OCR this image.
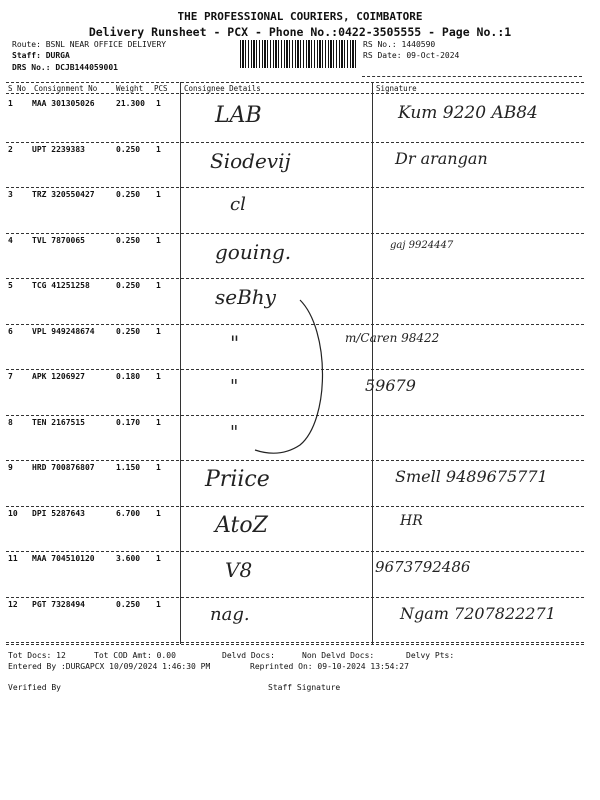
THE PROFESSIONAL COURIERS, COIMBATORE
Delivery Runsheet - PCX - Phone No.:0422-3505555 - Page No.:1
Route: BSNL NEAR OFFICE DELIVERY
Staff: DURGA
DRS No.: DCJB144059001
RS No.: 1440590
RS Date: 09-Oct-2024
S No Consignment No	Weight PCS Consignee Details	Signature
1 MAA 301305026	21.300 1 LAB	Kum 9220 AB84
2 UPT 2239383	0.250 1 Siodevij	Dr arangan
3 TRZ 320550427	0.250 1	cl
4 TVL 7870065	0.250 1	gouing.	gaj 9924447
5 TCG 41251258	0.250 1	seBhy
6 VPL 949248674	0.250 1	"	m/Caren 98422
7 APK 1206927	0.180 1	"	59679
8 TEN 2167515	0.170 1	"
9 HRD 700876807	1.150 1 Priice	Smell 9489675771
10 DPI 5287643	6.700 1 AtoZ	HR
11 MAA 704510120	3.600 1	V8	9673792486
12 PGT 7328494	0.250 1	nag.	Ngam 7207822271
Tot Docs: 12	Tot COD Amt: 0.00	Delvd Docs:	Non Delvd Docs:	Delvy Pts:
Entered By :DURGAPCX 10/09/2024 1:46:30 PM	Reprinted On: 09-10-2024 13:54:27
Verified By	Staff Signature
